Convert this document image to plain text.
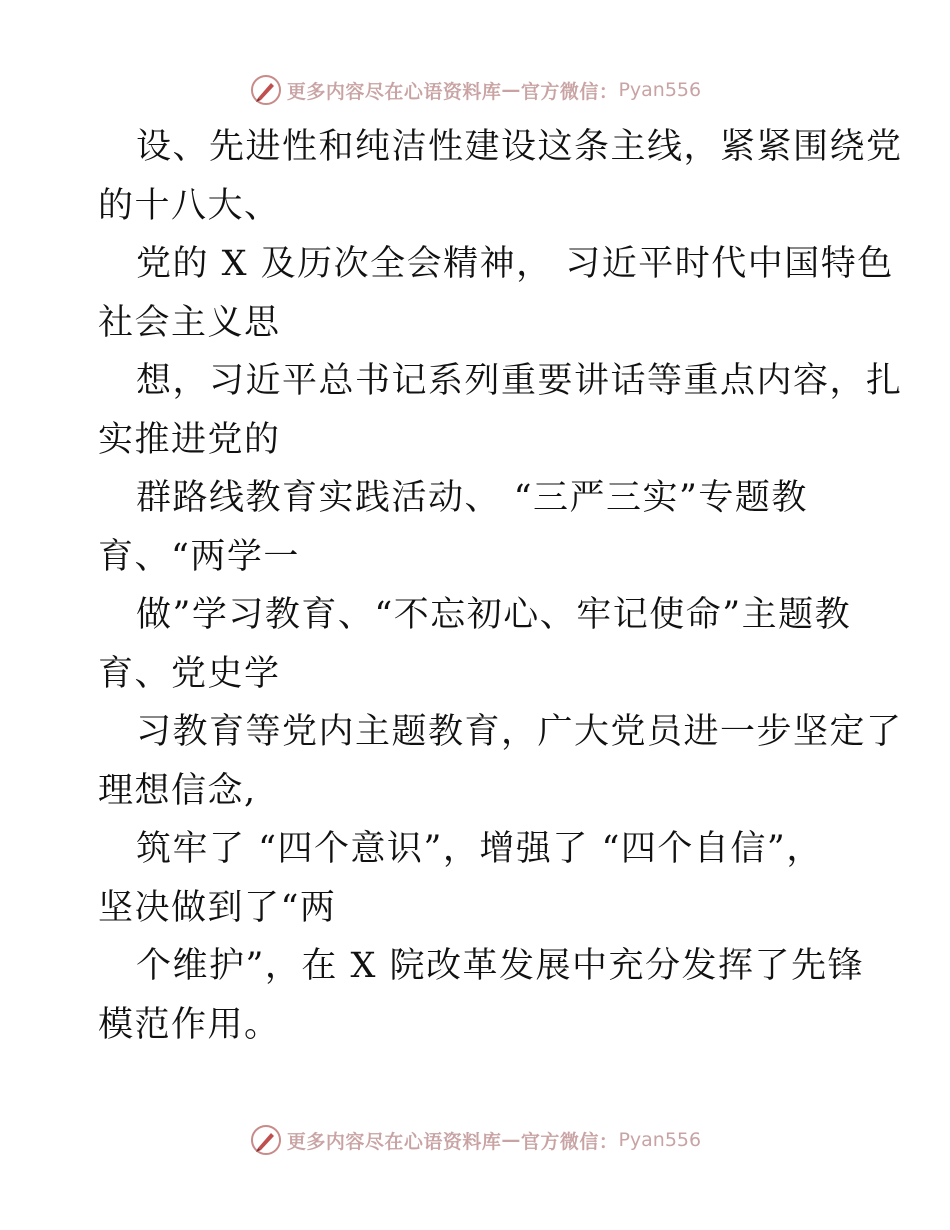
更多内容尽在心语资料库 — 官方微信： Pyan556
设、先进性和纯洁性建设这条主线，紧紧围绕党
的十八大、
党的 X 及历次全会精神， 习近平时代中国特色
社会主义思
想，习近平总书记系列重要讲话等重点内容，扎
实推进党的
群路线教育实践活动、 “三严三实”专题教
育、“两学一
做”学习教育、“不忘初心、牢记使命”主题教
育、党史学
习教育等党内主题教育，广大党员进一步坚定了
理想信念,
筑牢了 “四个意识”，增强了 “四个自信”，
坚决做到了“两
个维护”，在 X 院改革发展中充分发挥了先锋
模范作用。
更多内容尽在心语资料库 — 官方微信： Pyan556
